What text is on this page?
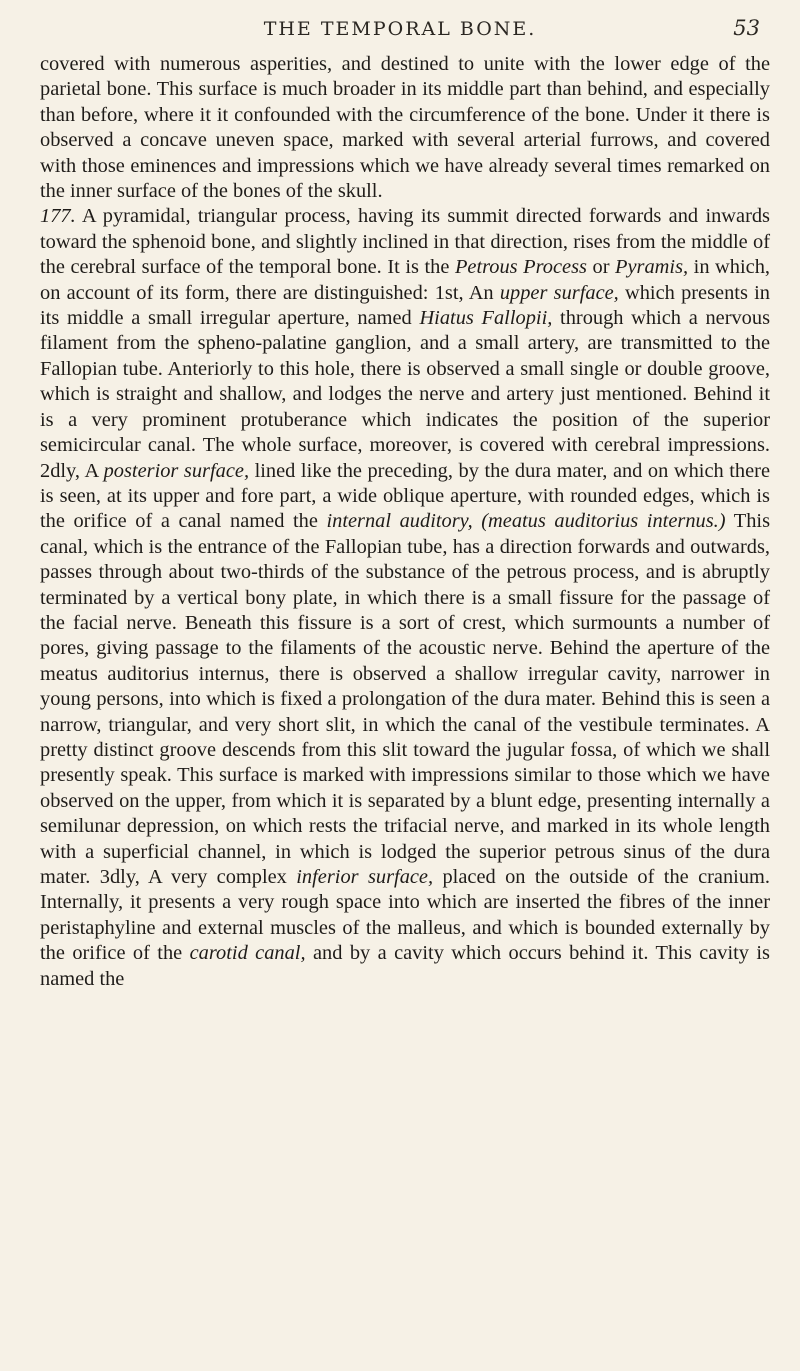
THE TEMPORAL BONE.	53

covered with numerous asperities, and destined to unite with the lower edge of the parietal bone. This surface is much broader in its middle part than behind, and especially than before, where it it confounded with the circumference of the bone. Under it there is observed a concave uneven space, marked with several arterial furrows, and covered with those eminences and impressions which we have already several times remarked on the inner surface of the bones of the skull.

177. A pyramidal, triangular process, having its summit directed forwards and inwards toward the sphenoid bone, and slightly inclined in that direction, rises from the middle of the cerebral surface of the temporal bone. It is the Petrous Process or Pyramis, in which, on account of its form, there are distinguished: 1st, An upper surface, which presents in its middle a small irregular aperture, named Hiatus Fallopii, through which a nervous filament from the spheno-palatine ganglion, and a small artery, are transmitted to the Fallopian tube. Anteriorly to this hole, there is observed a small single or double groove, which is straight and shallow, and lodges the nerve and artery just mentioned. Behind it is a very prominent protuberance which indicates the position of the superior semicircular canal. The whole surface, moreover, is covered with cerebral impressions. 2dly, A posterior surface, lined like the preceding, by the dura mater, and on which there is seen, at its upper and fore part, a wide oblique aperture, with rounded edges, which is the orifice of a canal named the internal auditory, (meatus auditorius internus.) This canal, which is the entrance of the Fallopian tube, has a direction forwards and outwards, passes through about two-thirds of the substance of the petrous process, and is abruptly terminated by a vertical bony plate, in which there is a small fissure for the passage of the facial nerve. Beneath this fissure is a sort of crest, which surmounts a number of pores, giving passage to the filaments of the acoustic nerve. Behind the aperture of the meatus auditorius internus, there is observed a shallow irregular cavity, narrower in young persons, into which is fixed a prolongation of the dura mater. Behind this is seen a narrow, triangular, and very short slit, in which the canal of the vestibule terminates. A pretty distinct groove descends from this slit toward the jugular fossa, of which we shall presently speak. This surface is marked with impressions similar to those which we have observed on the upper, from which it is separated by a blunt edge, presenting internally a semilunar depression, on which rests the trifacial nerve, and marked in its whole length with a superficial channel, in which is lodged the superior petrous sinus of the dura mater. 3dly, A very complex inferior surface, placed on the outside of the cranium. Internally, it presents a very rough space into which are inserted the fibres of the inner peristaphyline and external muscles of the malleus, and which is bounded externally by the orifice of the carotid canal, and by a cavity which occurs behind it. This cavity is named the
